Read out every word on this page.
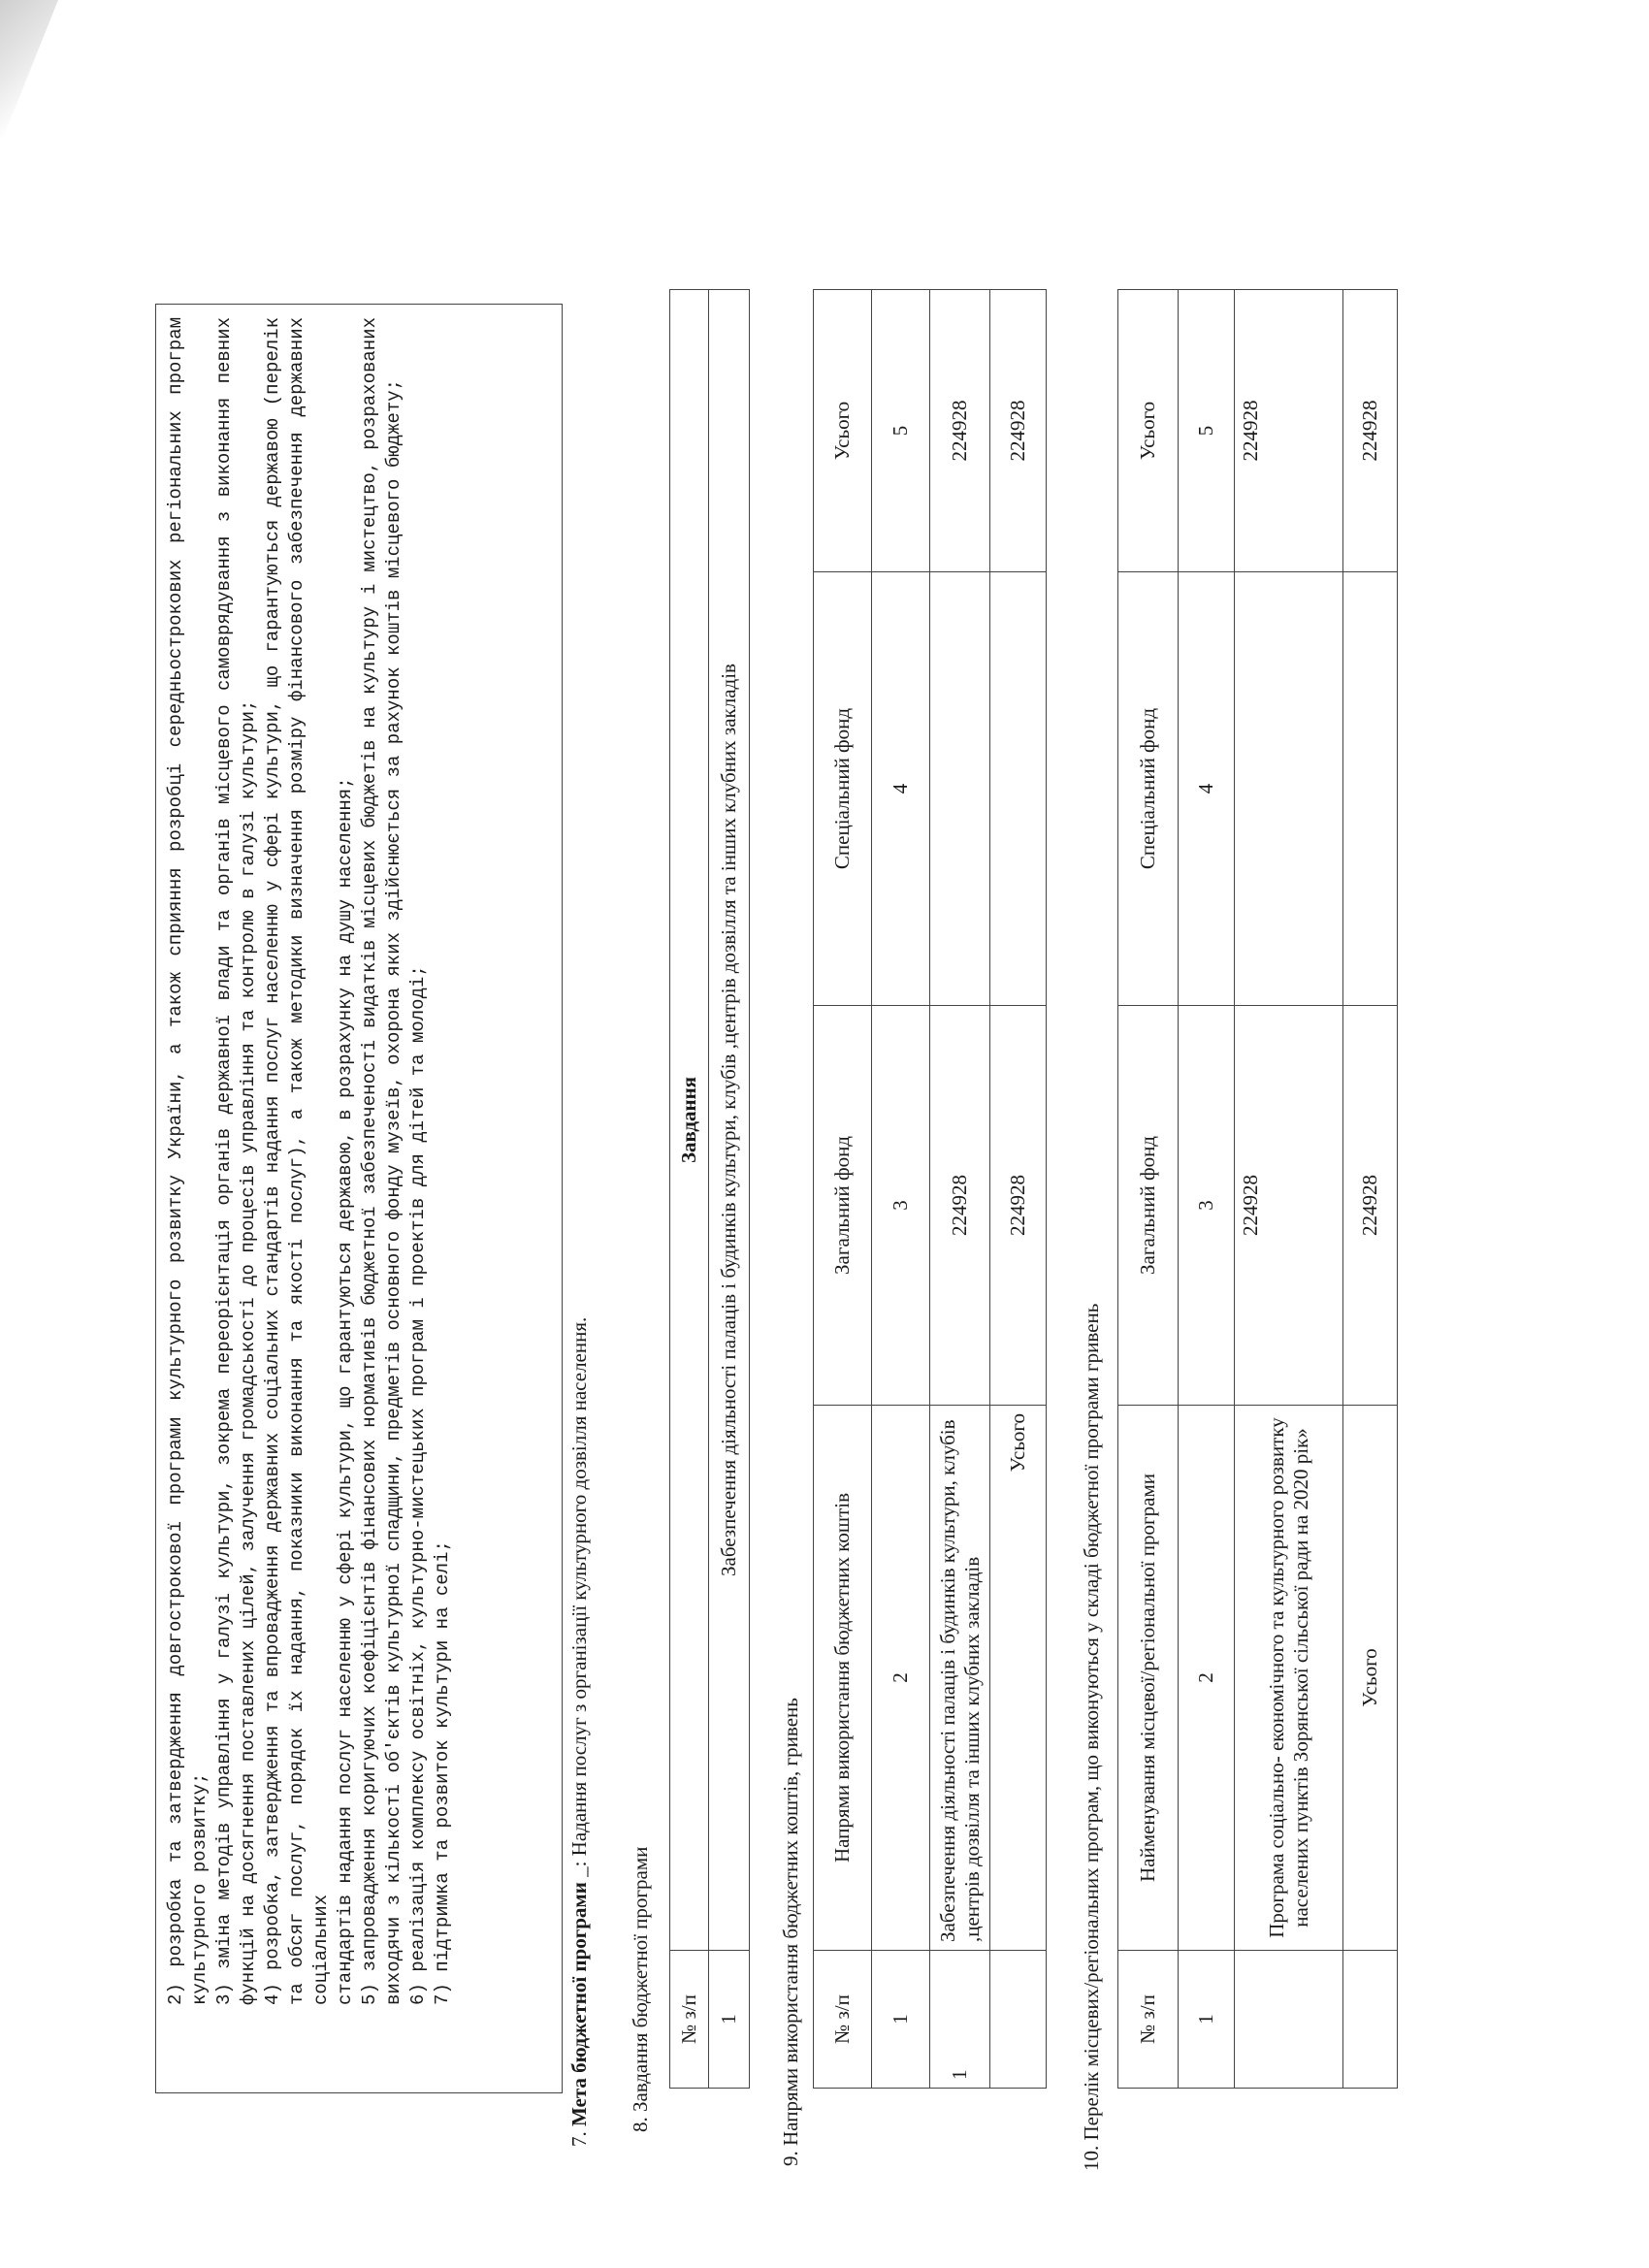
2) розробка та затвердження довгострокової програми культурного розвитку України, а також сприяння розробці середньострокових регіональних програм культурного розвитку; 3) зміна методів управління у галузі культури, зокрема переорієнтація органів державної влади та органів місцевого самоврядування з виконання певних функцій на досягнення поставлених цілей, залучення громадськості до процесів управління та контролю в галузі культури; 4) розробка, затвердження та впровадження державних соціальних стандартів надання послуг населенню у сфері культури, що гарантуються державою (перелік та обсяг послуг, порядок їх надання, показники виконання та якості послуг), а також методики визначення розміру фінансового забезпечення державних соціальних стандартів надання послуг населенню у сфері культури, що гарантуються державою, в розрахунку на душу населення; 5) запровадження коригуючих коефіцієнтів фінансових нормативів бюджетної забезпеченості видатків місцевих бюджетів на культуру і мистецтво, розрахованих виходячи з кількості об'єктів культурної спадщини, предметів основного фонду музеїв, охорона яких здійснюється за рахунок коштів місцевого бюджету; 6) реалізація комплексу освітніх, культурно-мистецьких програм і проектів для дітей та молоді; 7) підтримка та розвиток культури на селі;
7. Мета бюджетної програми _: Надання послуг з організації культурного дозвілля населення.
8. Завдання бюджетної програми № з/п	Завдання
1	Забезпечення діяльності палаців і будинків культури, клубів ,центрів дозвілля та інших клубних закладів
9. Напрями використання бюджетних коштів, гривень № з/п	Напрями використання бюджетних коштів	Загальний фонд	Спеціальний фонд	Усього
1	2	3	4	5
1	Забезпечення діяльності палаців і будинків культури, клубів ,центрів дозвілля та інших клубних закладів	224928		224928
	Усього	224928		224928
10. Перелік місцевих/регіональних програм, що виконуються у складі бюджетної програми гривень № з/п	Найменування місцевої/регіональної програми	Загальний фонд	Спеціальний фонд	Усього
1	2	3	4	5
	Програма соціально- економічного та культурного розвитку населених пунктів Зорянської сільської ради на 2020 рік»	224928		224928
	Усього	224928		224928
